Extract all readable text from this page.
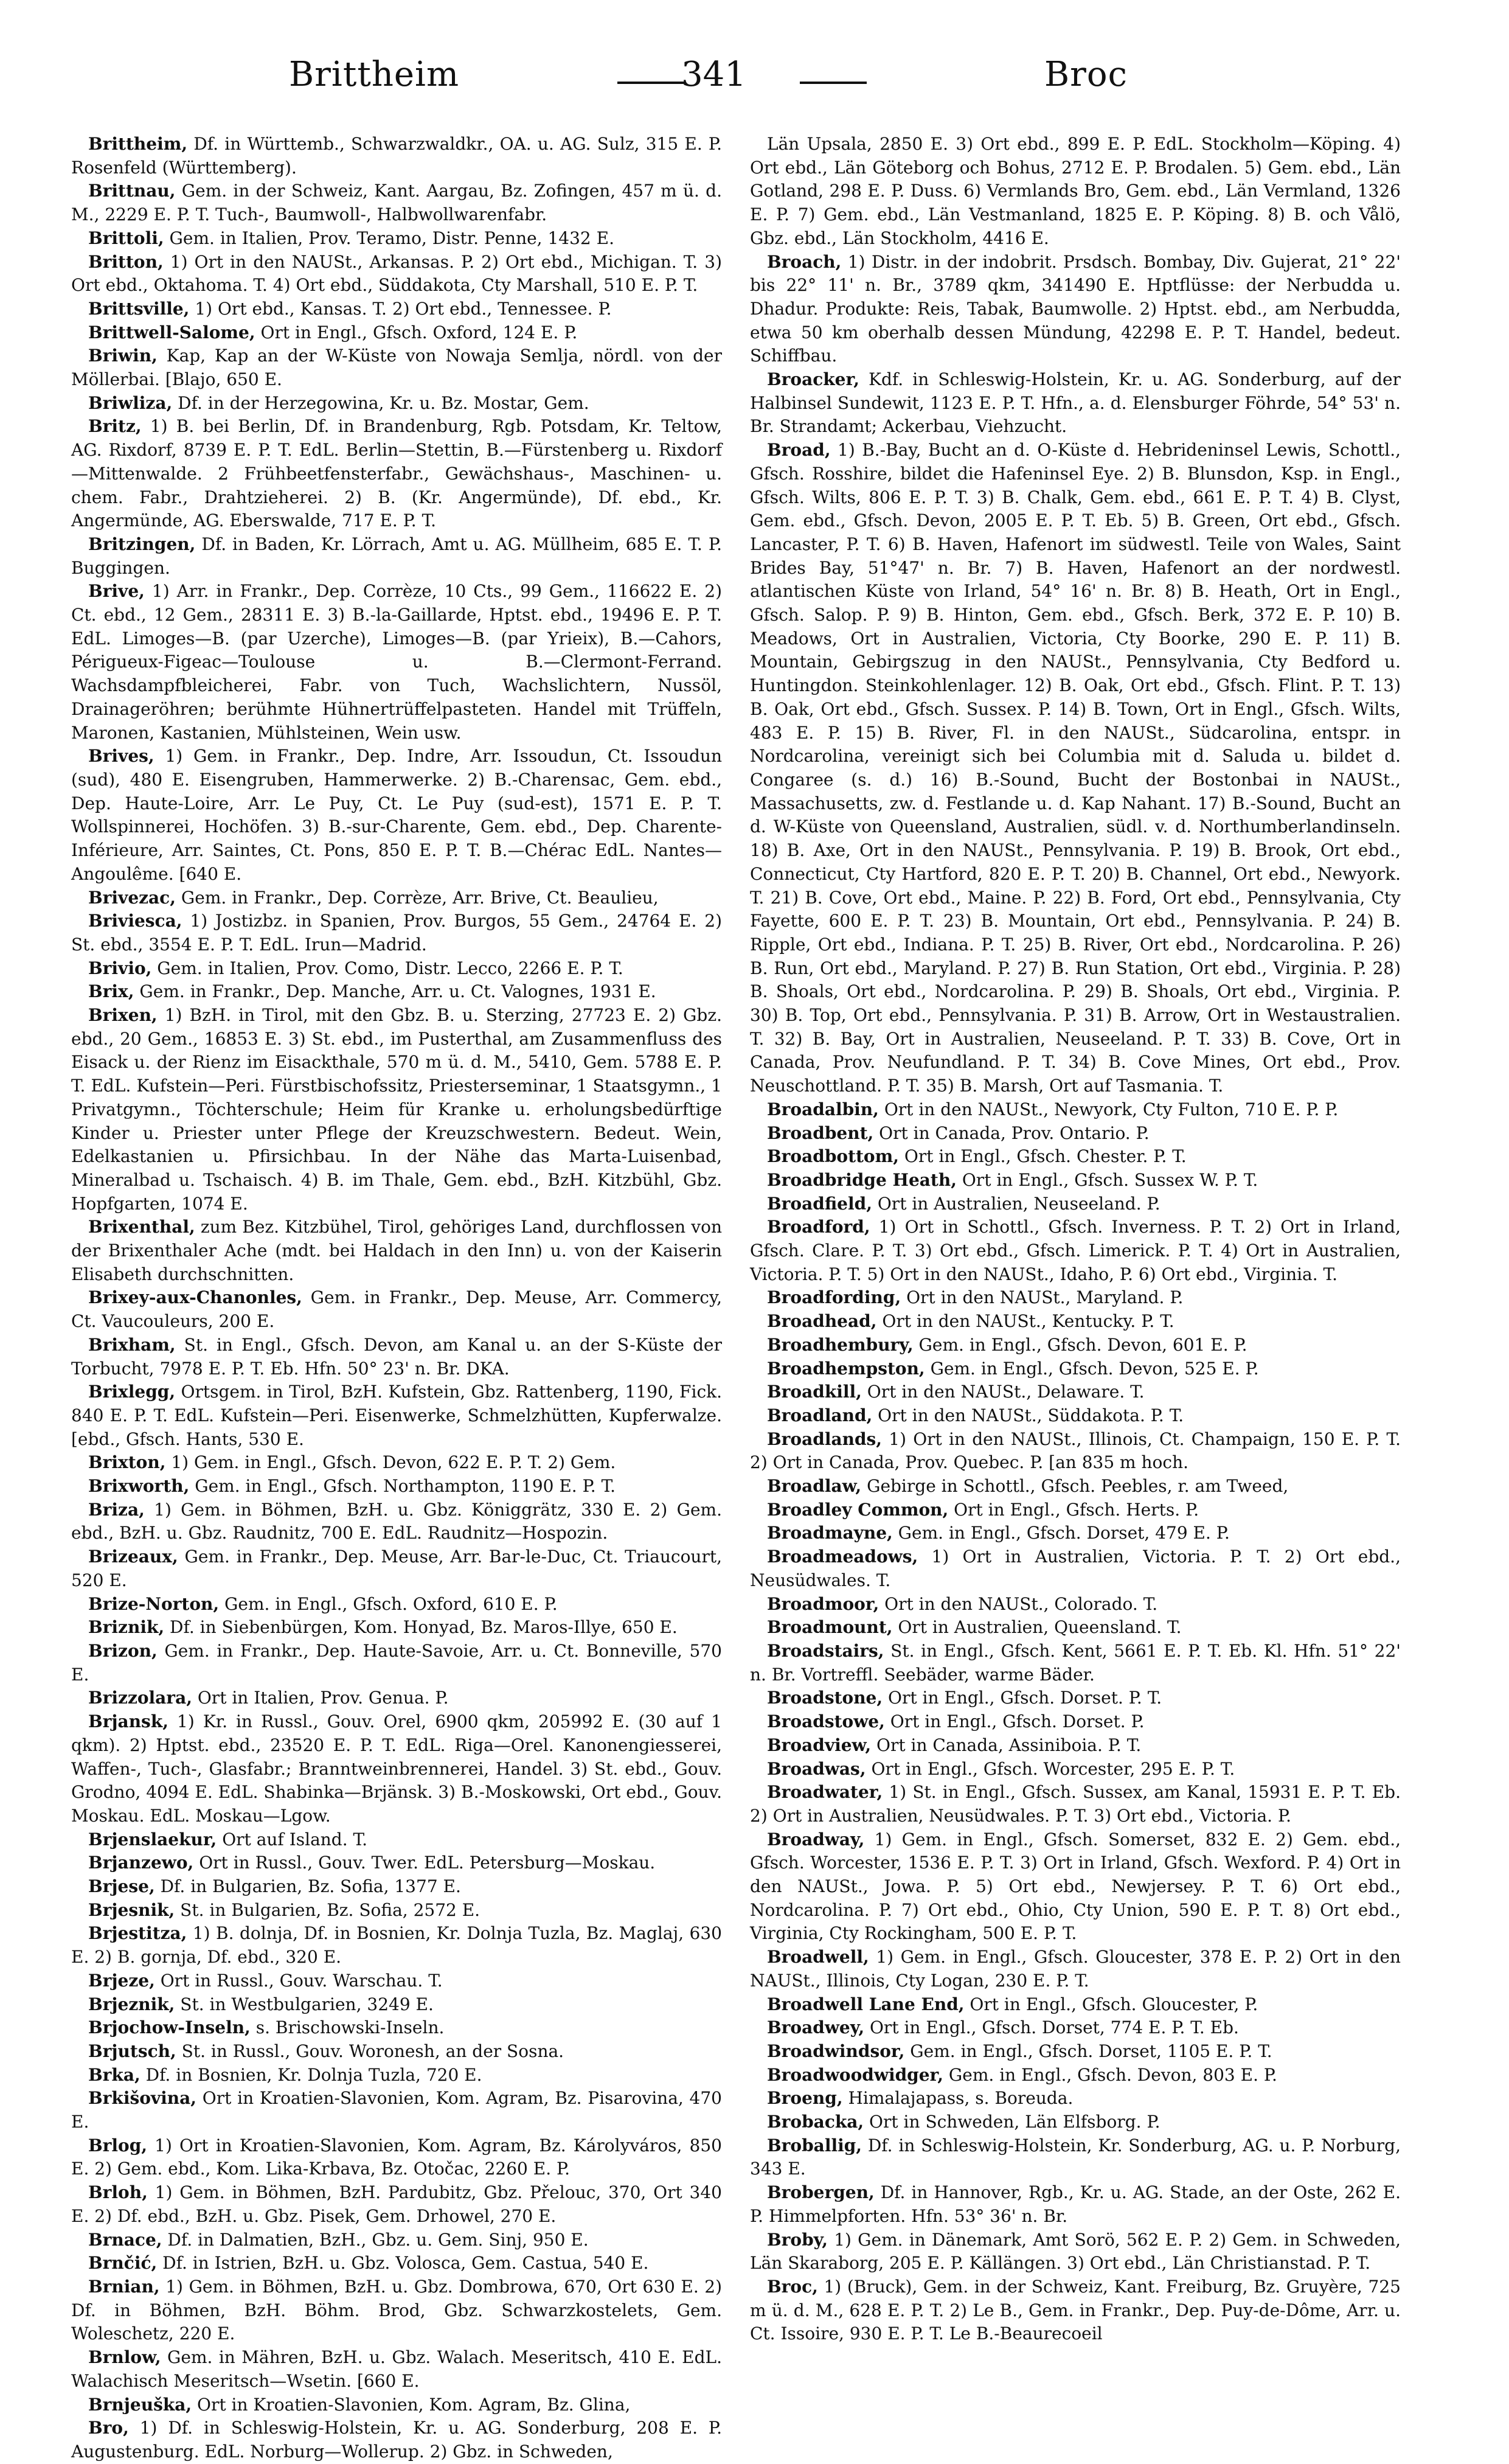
Brittheim	341	Broc

Brittheim, Df. in Württemb., Schwarzwaldkr., OA. u. AG. Sulz, 315 E. P. Rosenfeld (Württemberg).

Brittnau, Gem. in der Schweiz, Kant. Aargau, Bz. Zofingen, 457 m ü. d. M., 2229 E. P. T. Tuch-, Baumwoll-, Halbwollwarenfabr.

Brittoli, Gem. in Italien, Prov. Teramo, Distr. Penne, 1432 E.

Britton, 1) Ort in den NAUSt., Arkansas. P. 2) Ort ebd., Michigan. T. 3) Ort ebd., Oktahoma. T. 4) Ort ebd., Süddakota, Cty Marshall, 510 E. P. T.

Brittsville, 1) Ort ebd., Kansas. T. 2) Ort ebd., Tennessee. P.

Brittwell-Salome, Ort in Engl., Gfsch. Oxford, 124 E. P.

Briwin, Kap, Kap an der W-Küste von Nowaja Semlja, nördl. von der Möllerbai. [Blajo, 650 E.

Briwliza, Df. in der Herzegowina, Kr. u. Bz. Mostar, Gem.

Britz, 1) B. bei Berlin, Df. in Brandenburg, Rgb. Potsdam, Kr. Teltow, AG. Rixdorf, 8739 E. P. T. EdL. Berlin—Stettin, B.—Fürstenberg u. Rixdorf—Mittenwalde. 2 Frühbeetfensterfabr., Gewächshaus-, Maschinen- u. chem. Fabr., Drahtzieherei. 2) B. (Kr. Angermünde), Df. ebd., Kr. Angermünde, AG. Eberswalde, 717 E. P. T.

Britzingen, Df. in Baden, Kr. Lörrach, Amt u. AG. Müllheim, 685 E. T. P. Buggingen.

Brive, 1) Arr. in Frankr., Dep. Corrèze, 10 Cts., 99 Gem., 116622 E. 2) Ct. ebd., 12 Gem., 28311 E. 3) B.-la-Gaillarde, Hptst. ebd., 19496 E. P. T. EdL. Limoges—B. (par Uzerche), Limoges—B. (par Yrieix), B.—Cahors, Périgueux-Figeac—Toulouse u. B.—Clermont-Ferrand. Wachsdampfbleicherei, Fabr. von Tuch, Wachslichtern, Nussöl, Drainageröhren; berühmte Hühnertrüffelpasteten. Handel mit Trüffeln, Maronen, Kastanien, Mühlsteinen, Wein usw.

Brives, 1) Gem. in Frankr., Dep. Indre, Arr. Issoudun, Ct. Issoudun (sud), 480 E. Eisengruben, Hammerwerke. 2) B.-Charensac, Gem. ebd., Dep. Haute-Loire, Arr. Le Puy, Ct. Le Puy (sud-est), 1571 E. P. T. Wollspinnerei, Hochöfen. 3) B.-sur-Charente, Gem. ebd., Dep. Charente-Inférieure, Arr. Saintes, Ct. Pons, 850 E. P. T. B.—Chérac EdL. Nantes—Angoulême. [640 E.

Brivezac, Gem. in Frankr., Dep. Corrèze, Arr. Brive, Ct. Beaulieu,

Briviesca, 1) Jostizbz. in Spanien, Prov. Burgos, 55 Gem., 24764 E. 2) St. ebd., 3554 E. P. T. EdL. Irun—Madrid.

Brivio, Gem. in Italien, Prov. Como, Distr. Lecco, 2266 E. P. T.

Brix, Gem. in Frankr., Dep. Manche, Arr. u. Ct. Valognes, 1931 E.

Brixen, 1) BzH. in Tirol, mit den Gbz. B. u. Sterzing, 27723 E. 2) Gbz. ebd., 20 Gem., 16853 E. 3) St. ebd., im Pusterthal, am Zusammenfluss des Eisack u. der Rienz im Eisackthale, 570 m ü. d. M., 5410, Gem. 5788 E. P. T. EdL. Kufstein—Peri. Fürstbischofssitz, Priesterseminar, 1 Staatsgymn., 1 Privatgymn., Töchterschule; Heim für Kranke u. erholungsbedürftige Kinder u. Priester unter Pflege der Kreuzschwestern. Bedeut. Wein, Edelkastanien u. Pfirsichbau. In der Nähe das Marta-Luisenbad, Mineralbad u. Tschaisch. 4) B. im Thale, Gem. ebd., BzH. Kitzbühl, Gbz. Hopfgarten, 1074 E.

Brixenthal, zum Bez. Kitzbühel, Tirol, gehöriges Land, durchflossen von der Brixenthaler Ache (mdt. bei Haldach in den Inn) u. von der Kaiserin Elisabeth durchschnitten.

Brixey-aux-Chanonles, Gem. in Frankr., Dep. Meuse, Arr. Commercy, Ct. Vaucouleurs, 200 E.

Brixham, St. in Engl., Gfsch. Devon, am Kanal u. an der S-Küste der Torbucht, 7978 E. P. T. Eb. Hfn. 50° 23' n. Br. DKA.

Brixlegg, Ortsgem. in Tirol, BzH. Kufstein, Gbz. Rattenberg, 1190, Fick. 840 E. P. T. EdL. Kufstein—Peri. Eisenwerke, Schmelzhütten, Kupferwalze. [ebd., Gfsch. Hants, 530 E.

Brixton, 1) Gem. in Engl., Gfsch. Devon, 622 E. P. T. 2) Gem.

Brixworth, Gem. in Engl., Gfsch. Northampton, 1190 E. P. T.

Briza, 1) Gem. in Böhmen, BzH. u. Gbz. Königgrätz, 330 E. 2) Gem. ebd., BzH. u. Gbz. Raudnitz, 700 E. EdL. Raudnitz—Hospozin.

Brizeaux, Gem. in Frankr., Dep. Meuse, Arr. Bar-le-Duc, Ct. Triaucourt, 520 E.

Brize-Norton, Gem. in Engl., Gfsch. Oxford, 610 E. P.

Briznik, Df. in Siebenbürgen, Kom. Honyad, Bz. Maros-Illye, 650 E.

Brizon, Gem. in Frankr., Dep. Haute-Savoie, Arr. u. Ct. Bonneville, 570 E.

Brizzolara, Ort in Italien, Prov. Genua. P.

Brjansk, 1) Kr. in Russl., Gouv. Orel, 6900 qkm, 205992 E. (30 auf 1 qkm). 2) Hptst. ebd., 23520 E. P. T. EdL. Riga—Orel. Kanonengiesserei, Waffen-, Tuch-, Glasfabr.; Branntweinbrennerei, Handel. 3) St. ebd., Gouv. Grodno, 4094 E. EdL. Shabinka—Brjänsk. 3) B.-Moskowski, Ort ebd., Gouv. Moskau. EdL. Moskau—Lgow.

Brjenslaekur, Ort auf Island. T.

Brjanzewo, Ort in Russl., Gouv. Twer. EdL. Petersburg—Moskau.

Brjese, Df. in Bulgarien, Bz. Sofia, 1377 E.

Brjesnik, St. in Bulgarien, Bz. Sofia, 2572 E.

Brjestitza, 1) B. dolnja, Df. in Bosnien, Kr. Dolnja Tuzla, Bz. Maglaj, 630 E. 2) B. gornja, Df. ebd., 320 E.

Brjeze, Ort in Russl., Gouv. Warschau. T.

Brjeznik, St. in Westbulgarien, 3249 E.

Brjochow-Inseln, s. Brischowski-Inseln.

Brjutsch, St. in Russl., Gouv. Woronesh, an der Sosna.

Brka, Df. in Bosnien, Kr. Dolnja Tuzla, 720 E.

Brkišovina, Ort in Kroatien-Slavonien, Kom. Agram, Bz. Pisarovina, 470 E.

Brlog, 1) Ort in Kroatien-Slavonien, Kom. Agram, Bz. Károlyváros, 850 E. 2) Gem. ebd., Kom. Lika-Krbava, Bz. Otočac, 2260 E. P.

Brloh, 1) Gem. in Böhmen, BzH. Pardubitz, Gbz. Přelouc, 370, Ort 340 E. 2) Df. ebd., BzH. u. Gbz. Pisek, Gem. Drhowel, 270 E.

Brnace, Df. in Dalmatien, BzH., Gbz. u. Gem. Sinj, 950 E.

Brnčić, Df. in Istrien, BzH. u. Gbz. Volosca, Gem. Castua, 540 E.

Brnian, 1) Gem. in Böhmen, BzH. u. Gbz. Dombrowa, 670, Ort 630 E. 2) Df. in Böhmen, BzH. Böhm. Brod, Gbz. Schwarzkostelets, Gem. Woleschetz, 220 E.

Brnlow, Gem. in Mähren, BzH. u. Gbz. Walach. Meseritsch, 410 E. EdL. Walachisch Meseritsch—Wsetin. [660 E.

Brnjeuška, Ort in Kroatien-Slavonien, Kom. Agram, Bz. Glina,

Bro, 1) Df. in Schleswig-Holstein, Kr. u. AG. Sonderburg, 208 E. P. Augustenburg. EdL. Norburg—Wollerup. 2) Gbz. in Schweden,

Län Upsala, 2850 E. 3) Ort ebd., 899 E. P. EdL. Stockholm—Köping. 4) Ort ebd., Län Göteborg och Bohus, 2712 E. P. Brodalen. 5) Gem. ebd., Län Gotland, 298 E. P. Duss. 6) Vermlands Bro, Gem. ebd., Län Vermland, 1326 E. P. 7) Gem. ebd., Län Vestmanland, 1825 E. P. Köping. 8) B. och Vålö, Gbz. ebd., Län Stockholm, 4416 E.

Broach, 1) Distr. in der indobrit. Prsdsch. Bombay, Div. Gujerat, 21° 22' bis 22° 11' n. Br., 3789 qkm, 341490 E. Hptflüsse: der Nerbudda u. Dhadur. Produkte: Reis, Tabak, Baumwolle. 2) Hptst. ebd., am Nerbudda, etwa 50 km oberhalb dessen Mündung, 42298 E. P. T. Handel, bedeut. Schiffbau.

Broacker, Kdf. in Schleswig-Holstein, Kr. u. AG. Sonderburg, auf der Halbinsel Sundewit, 1123 E. P. T. Hfn., a. d. Elensburger Föhrde, 54° 53' n. Br. Strandamt; Ackerbau, Viehzucht.

Broad, 1) B.-Bay, Bucht an d. O-Küste d. Hebrideninsel Lewis, Schottl., Gfsch. Rosshire, bildet die Hafeninsel Eye. 2) B. Blunsdon, Ksp. in Engl., Gfsch. Wilts, 806 E. P. T. 3) B. Chalk, Gem. ebd., 661 E. P. T. 4) B. Clyst, Gem. ebd., Gfsch. Devon, 2005 E. P. T. Eb. 5) B. Green, Ort ebd., Gfsch. Lancaster, P. T. 6) B. Haven, Hafenort im südwestl. Teile von Wales, Saint Brides Bay, 51°47' n. Br. 7) B. Haven, Hafenort an der nordwestl. atlantischen Küste von Irland, 54° 16' n. Br. 8) B. Heath, Ort in Engl., Gfsch. Salop. P. 9) B. Hinton, Gem. ebd., Gfsch. Berk, 372 E. P. 10) B. Meadows, Ort in Australien, Victoria, Cty Boorke, 290 E. P. 11) B. Mountain, Gebirgszug in den NAUSt., Pennsylvania, Cty Bedford u. Huntingdon. Steinkohlenlager. 12) B. Oak, Ort ebd., Gfsch. Flint. P. T. 13) B. Oak, Ort ebd., Gfsch. Sussex. P. 14) B. Town, Ort in Engl., Gfsch. Wilts, 483 E. P. 15) B. River, Fl. in den NAUSt., Südcarolina, entspr. in Nordcarolina, vereinigt sich bei Columbia mit d. Saluda u. bildet d. Congaree (s. d.) 16) B.-Sound, Bucht der Bostonbai in NAUSt., Massachusetts, zw. d. Festlande u. d. Kap Nahant. 17) B.-Sound, Bucht an d. W-Küste von Queensland, Australien, südl. v. d. Northumberlandinseln. 18) B. Axe, Ort in den NAUSt., Pennsylvania. P. 19) B. Brook, Ort ebd., Connecticut, Cty Hartford, 820 E. P. T. 20) B. Channel, Ort ebd., Newyork. T. 21) B. Cove, Ort ebd., Maine. P. 22) B. Ford, Ort ebd., Pennsylvania, Cty Fayette, 600 E. P. T. 23) B. Mountain, Ort ebd., Pennsylvania. P. 24) B. Ripple, Ort ebd., Indiana. P. T. 25) B. River, Ort ebd., Nordcarolina. P. 26) B. Run, Ort ebd., Maryland. P. 27) B. Run Station, Ort ebd., Virginia. P. 28) B. Shoals, Ort ebd., Nordcarolina. P. 29) B. Shoals, Ort ebd., Virginia. P. 30) B. Top, Ort ebd., Pennsylvania. P. 31) B. Arrow, Ort in Westaustralien. T. 32) B. Bay, Ort in Australien, Neuseeland. P. T. 33) B. Cove, Ort in Canada, Prov. Neufundland. P. T. 34) B. Cove Mines, Ort ebd., Prov. Neuschottland. P. T. 35) B. Marsh, Ort auf Tasmania. T.

Broadalbin, Ort in den NAUSt., Newyork, Cty Fulton, 710 E. P. P.

Broadbent, Ort in Canada, Prov. Ontario. P.

Broadbottom, Ort in Engl., Gfsch. Chester. P. T.

Broadbridge Heath, Ort in Engl., Gfsch. Sussex W. P. T.

Broadfield, Ort in Australien, Neuseeland. P.

Broadford, 1) Ort in Schottl., Gfsch. Inverness. P. T. 2) Ort in Irland, Gfsch. Clare. P. T. 3) Ort ebd., Gfsch. Limerick. P. T. 4) Ort in Australien, Victoria. P. T. 5) Ort in den NAUSt., Idaho, P. 6) Ort ebd., Virginia. T.

Broadfording, Ort in den NAUSt., Maryland. P.

Broadhead, Ort in den NAUSt., Kentucky. P. T.

Broadhembury, Gem. in Engl., Gfsch. Devon, 601 E. P.

Broadhempston, Gem. in Engl., Gfsch. Devon, 525 E. P.

Broadkill, Ort in den NAUSt., Delaware. T.

Broadland, Ort in den NAUSt., Süddakota. P. T.

Broadlands, 1) Ort in den NAUSt., Illinois, Ct. Champaign, 150 E. P. T. 2) Ort in Canada, Prov. Quebec. P. [an 835 m hoch.

Broadlaw, Gebirge in Schottl., Gfsch. Peebles, r. am Tweed,

Broadley Common, Ort in Engl., Gfsch. Herts. P.

Broadmayne, Gem. in Engl., Gfsch. Dorset, 479 E. P.

Broadmeadows, 1) Ort in Australien, Victoria. P. T. 2) Ort ebd., Neusüdwales. T.

Broadmoor, Ort in den NAUSt., Colorado. T.

Broadmount, Ort in Australien, Queensland. T.

Broadstairs, St. in Engl., Gfsch. Kent, 5661 E. P. T. Eb. Kl. Hfn. 51° 22' n. Br. Vortreffl. Seebäder, warme Bäder.

Broadstone, Ort in Engl., Gfsch. Dorset. P. T.

Broadstowe, Ort in Engl., Gfsch. Dorset. P.

Broadview, Ort in Canada, Assiniboia. P. T.

Broadwas, Ort in Engl., Gfsch. Worcester, 295 E. P. T.

Broadwater, 1) St. in Engl., Gfsch. Sussex, am Kanal, 15931 E. P. T. Eb. 2) Ort in Australien, Neusüdwales. P. T. 3) Ort ebd., Victoria. P.

Broadway, 1) Gem. in Engl., Gfsch. Somerset, 832 E. 2) Gem. ebd., Gfsch. Worcester, 1536 E. P. T. 3) Ort in Irland, Gfsch. Wexford. P. 4) Ort in den NAUSt., Jowa. P. 5) Ort ebd., Newjersey. P. T. 6) Ort ebd., Nordcarolina. P. 7) Ort ebd., Ohio, Cty Union, 590 E. P. T. 8) Ort ebd., Virginia, Cty Rockingham, 500 E. P. T.

Broadwell, 1) Gem. in Engl., Gfsch. Gloucester, 378 E. P. 2) Ort in den NAUSt., Illinois, Cty Logan, 230 E. P. T.

Broadwell Lane End, Ort in Engl., Gfsch. Gloucester, P.

Broadwey, Ort in Engl., Gfsch. Dorset, 774 E. P. T. Eb.

Broadwindsor, Gem. in Engl., Gfsch. Dorset, 1105 E. P. T.

Broadwoodwidger, Gem. in Engl., Gfsch. Devon, 803 E. P.

Broeng, Himalajapass, s. Boreuda.

Brobacka, Ort in Schweden, Län Elfsborg. P.

Broballig, Df. in Schleswig-Holstein, Kr. Sonderburg, AG. u. P. Norburg, 343 E.

Brobergen, Df. in Hannover, Rgb., Kr. u. AG. Stade, an der Oste, 262 E. P. Himmelpforten. Hfn. 53° 36' n. Br.

Broby, 1) Gem. in Dänemark, Amt Sorö, 562 E. P. 2) Gem. in Schweden, Län Skaraborg, 205 E. P. Källängen. 3) Ort ebd., Län Christianstad. P. T.

Broc, 1) (Bruck), Gem. in der Schweiz, Kant. Freiburg, Bz. Gruyère, 725 m ü. d. M., 628 E. P. T. 2) Le B., Gem. in Frankr., Dep. Puy-de-Dôme, Arr. u. Ct. Issoire, 930 E. P. T. Le B.-Beaurecoeil
